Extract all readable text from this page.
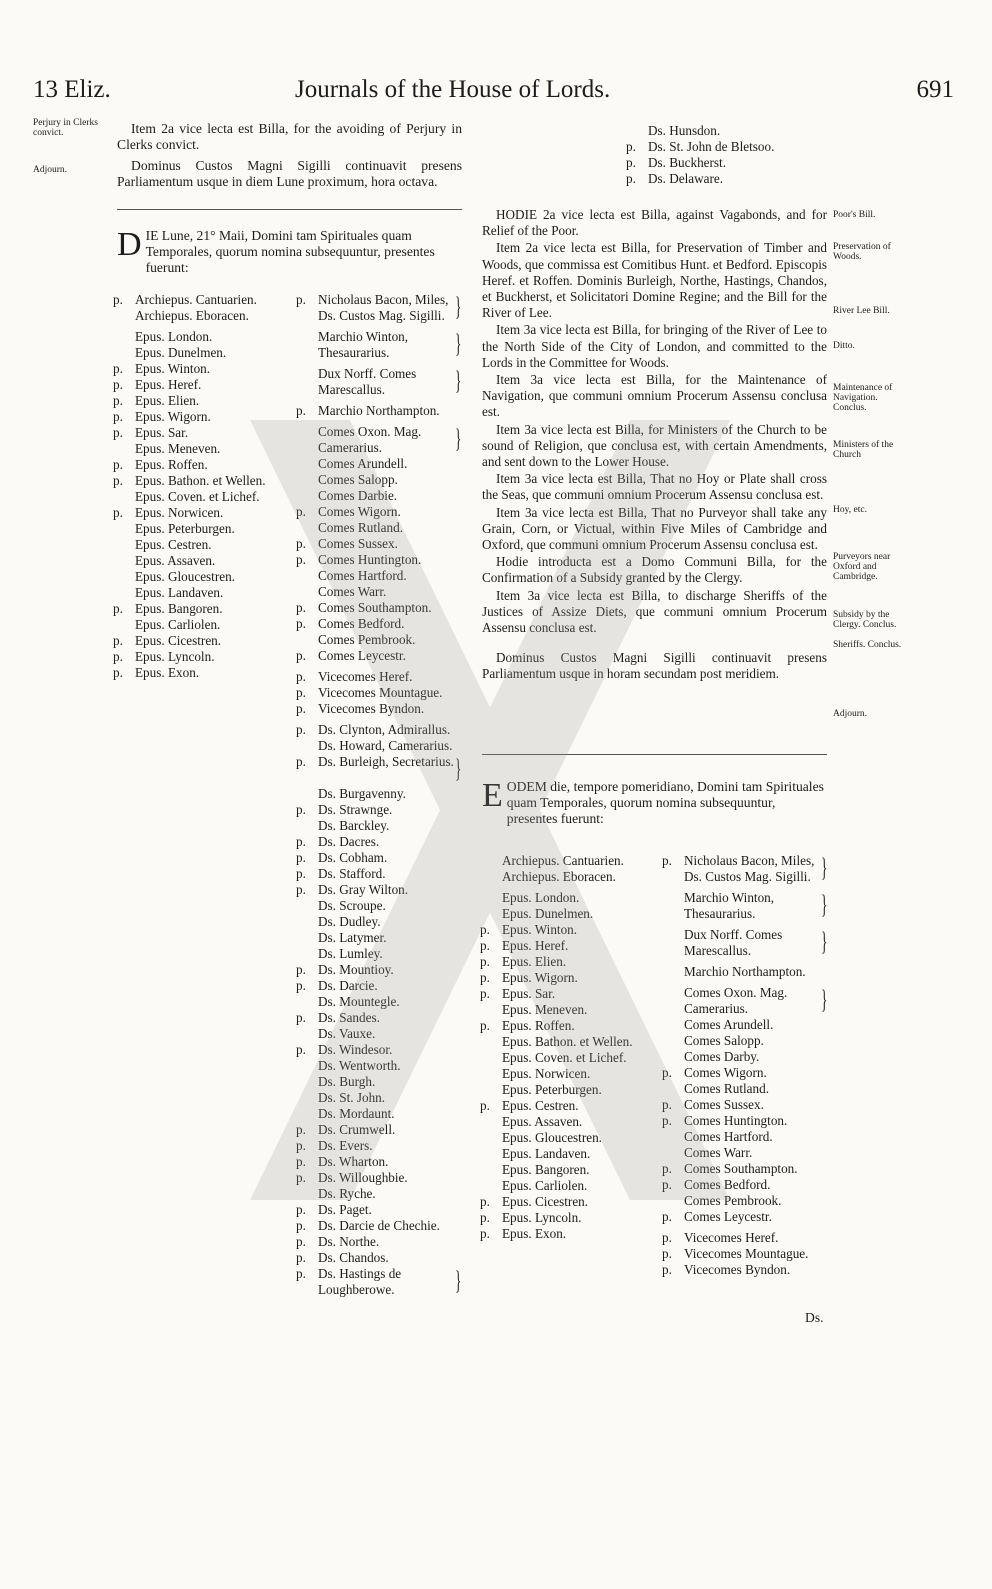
13 Eliz.	Journals of the House of Lords.	691
Perjury in Clerks convict.
Adjourn.

Item 2a vice lecta est Billa, for the avoiding of Perjury in Clerks convict.

Dominus Custos Magni Sigilli continuavit presens Parliamentum usque in diem Lune proximum, hora octava.

D IE Lune, 21° Maii, Domini tam Spirituales quam Temporales, quorum nomina subsequuntur, presentes fuerunt:
p. Archiepus. Cantuarien.
Archiepus. Eboracen.
Epus. London.
Epus. Dunelmen.
p. Epus. Winton.
p. Epus. Heref.
p. Epus. Elien.
p. Epus. Wigorn.
p. Epus. Sar.
Epus. Meneven.
p. Epus. Roffen.
p. Epus. Bathon. et Wellen.
Epus. Coven. et Lichef.
p. Epus. Norwicen.
Epus. Peterburgen.
Epus. Cestren.
Epus. Assaven.
Epus. Gloucestren.
Epus. Landaven.
p. Epus. Bangoren.
Epus. Carliolen.
p. Epus. Cicestren.
p. Epus. Lyncoln.
p. Epus. Exon.
p. Nicholaus Bacon, Miles, Ds. Custos Mag. Sigilli. }
Marchio Winton, Thesaurarius.	}
Dux Norff. Comes Marescallus.	}
p. Marchio Northampton.
Comes Oxon. Mag. Camerarius.	}
Comes Arundell.
Comes Salopp.
Comes Darbie.
p. Comes Wigorn.
Comes Rutland.
p. Comes Sussex.
p. Comes Huntington.
Comes Hartford.
Comes Warr.
p. Comes Southampton.
p. Comes Bedford.
Comes Pembrook.
p. Comes Leycestr.
p. Vicecomes Heref.
p. Vicecomes Mountague.
p. Vicecomes Byndon.
p. Ds. Clynton, Admirallus.
Ds. Howard, Camerarius.
p. Ds. Burleigh, Secretarius. }
Ds. Burgavenny.
p. Ds. Strawnge.
Ds. Barckley.
p. Ds. Dacres.
p. Ds. Cobham.
p. Ds. Stafford.
p. Ds. Gray Wilton.
Ds. Scroupe.
Ds. Dudley.
Ds. Latymer.
Ds. Lumley.
p. Ds. Mountioy.
p. Ds. Darcie.
Ds. Mountegle.
p. Ds. Sandes.
Ds. Vauxe.
p. Ds. Windesor.
Ds. Wentworth.
Ds. Burgh.
Ds. St. John.
Ds. Mordaunt.
p. Ds. Crumwell.
p. Ds. Evers.
p. Ds. Wharton.
p. Ds. Willoughbie.
Ds. Ryche.
p. Ds. Paget.
p. Ds. Darcie de Chechie.
p. Ds. Northe.
p. Ds. Chandos.
p. Ds. Hastings de Loughberowe. }
Ds. Hunsdon.
p. Ds. St. John de Bletsoo.
p. Ds. Buckherst.
p. Ds. Delaware.

HODIE 2a vice lecta est Billa, against Vagabonds, and for Relief of the Poor.

Item 2a vice lecta est Billa, for Preservation of Timber and Woods, que commissa est Comitibus Hunt. et Bedford. Episcopis Heref. et Roffen. Dominis Burleigh, Northe, Hastings, Chandos, et Buckherst, et Solicitatori Domine Regine; and the Bill for the River of Lee.

Item 3a vice lecta est Billa, for bringing of the River of Lee to the North Side of the City of London, and committed to the Lords in the Committee for Woods.

Item 3a vice lecta est Billa, for the Maintenance of Navigation, que communi omnium Procerum Assensu conclusa est.

Item 3a vice lecta est Billa, for Ministers of the Church to be sound of Religion, que conclusa est, with certain Amendments, and sent down to the Lower House.

Item 3a vice lecta est Billa, That no Hoy or Plate shall cross the Seas, que communi omnium Procerum Assensu conclusa est.

Item 3a vice lecta est Billa, That no Purveyor shall take any Grain, Corn, or Victual, within Five Miles of Cambridge and Oxford, que communi omnium Procerum Assensu conclusa est.

Hodie introducta est a Domo Communi Billa, for the Confirmation of a Subsidy granted by the Clergy.

Item 3a vice lecta est Billa, to discharge Sheriffs of the Justices of Assize Diets, que communi omnium Procerum Assensu conclusa est.

Dominus Custos Magni Sigilli continuavit presens Parliamentum usque in horam secundam post meridiem.

Poor's Bill.
Preservation of Woods.
River Lee Bill.
Ditto.
Maintenance of Navigation. Conclus.
Ministers of the Church
Hoy, etc.
Purveyors near Oxford and Cambridge.
Subsidy by the Clergy. Conclus.
Sheriffs. Conclus.
Adjourn.
E ODEM die, tempore pomeridiano, Domini tam Spirituales quam Temporales, quorum nomina subsequuntur, presentes fuerunt:
Archiepus. Cantuarien.
Archiepus. Eboracen.
Epus. London.
Epus. Dunelmen.
p. Epus. Winton.
p. Epus. Heref.
p. Epus. Elien.
p. Epus. Wigorn.
p. Epus. Sar.
Epus. Meneven.
p. Epus. Roffen.
Epus. Bathon. et Wellen.
Epus. Coven. et Lichef.
Epus. Norwicen.
Epus. Peterburgen.
p. Epus. Cestren.
Epus. Assaven.
Epus. Gloucestren.
Epus. Landaven.
Epus. Bangoren.
Epus. Carliolen.
p. Epus. Cicestren.
p. Epus. Lyncoln.
p. Epus. Exon.
p. Nicholaus Bacon, Miles, Ds. Custos Mag. Sigilli. }
Marchio Winton, Thesaurarius.	}
Dux Norff. Comes Marescallus.	}
Marchio Northampton.
Comes Oxon. Mag. Camerarius.	}
Comes Arundell.
Comes Salopp.
Comes Darby.
p. Comes Wigorn.
Comes Rutland.
p. Comes Sussex.
p. Comes Huntington.
Comes Hartford.
Comes Warr.
p. Comes Southampton.
p. Comes Bedford.
Comes Pembrook.
p. Comes Leycestr.
p. Vicecomes Heref.
p. Vicecomes Mountague.
p. Vicecomes Byndon.
Ds.
